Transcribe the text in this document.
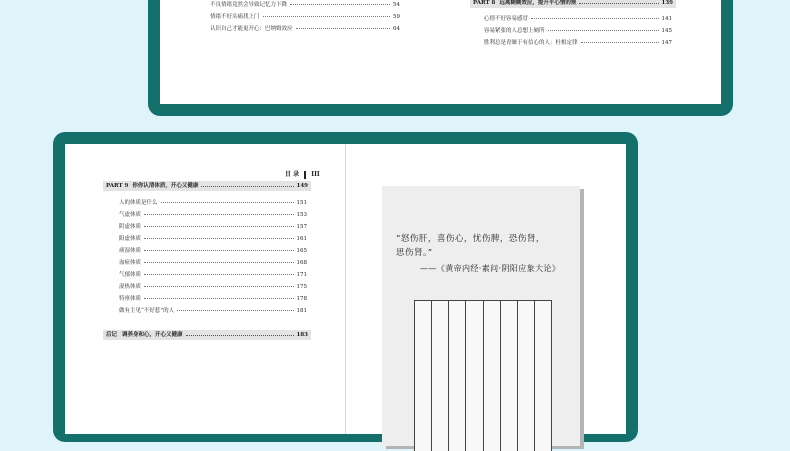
不良情绪竟然会导致记忆力下降	54
情绪不好头痛找上门	59
认识自己才能更开心：巴纳姆效应	64
PART 8 远离糊糊效应，提升平心情的规	139
心情不好容易感冒	141
容易紧张的人总想上厕所	145
胜利总是青睐于有信心的人：杜根定律	147
目 录 III
PART 9 你你认清体质，开心又健康	149
人的体质是什么	151
气虚体质	153
阴虚体质	157
阳虚体质	161
痰湿体质	165
血瘀体质	168
气郁体质	171
湿热体质	175
特禀体质	178
做有主见“不好惹”的人	181
后记 调养身和心，开心又健康	183
“怒伤肝，喜伤心，忧伤脾，恐伤肾，
思伤肾。”
——《黄帝内经·素问·阴阳应象大论》
